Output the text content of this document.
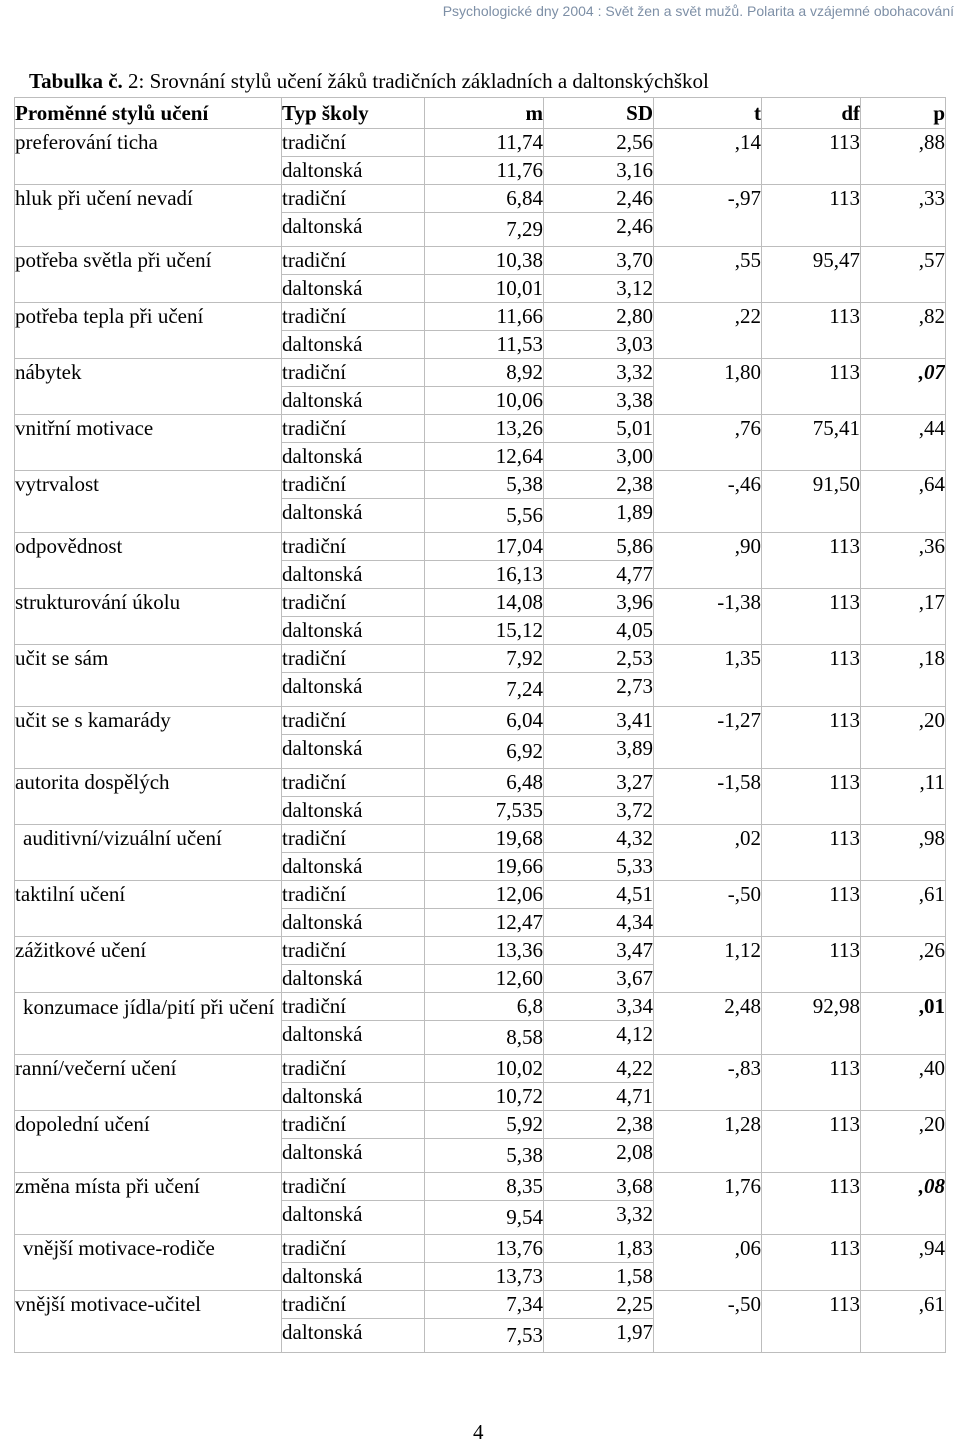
Psychologické dny 2004 : Svět žen a svět mužů. Polarita a vzájemné obohacování
Tabulka č. 2: Srovnání stylů učení žáků tradičních základních a daltonskýchškol
Proměnné stylů učení	Typ školy	m	SD	t	df	p
preferování ticha	tradiční	11,74	2,56	,14	113	,88
	daltonská	11,76	3,16			
hluk při učení nevadí	tradiční	6,84	2,46	-,97	113	,33
	daltonská	7,29	2,46			
potřeba světla při učení	tradiční	10,38	3,70	,55	95,47	,57
	daltonská	10,01	3,12			
potřeba tepla při učení	tradiční	11,66	2,80	,22	113	,82
	daltonská	11,53	3,03			
nábytek	tradiční	8,92	3,32	1,80	113	,07
	daltonská	10,06	3,38			
vnitřní motivace	tradiční	13,26	5,01	,76	75,41	,44
	daltonská	12,64	3,00			
vytrvalost	tradiční	5,38	2,38	-,46	91,50	,64
	daltonská	5,56	1,89			
odpovědnost	tradiční	17,04	5,86	,90	113	,36
	daltonská	16,13	4,77			
strukturování úkolu	tradiční	14,08	3,96	-1,38	113	,17
	daltonská	15,12	4,05			
učit se sám	tradiční	7,92	2,53	1,35	113	,18
	daltonská	7,24	2,73			
učit se s kamarády	tradiční	6,04	3,41	-1,27	113	,20
	daltonská	6,92	3,89			
autorita dospělých	tradiční	6,48	3,27	-1,58	113	,11
	daltonská	7,535	3,72			
auditivní/vizuální učení	tradiční	19,68	4,32	,02	113	,98
	daltonská	19,66	5,33			
taktilní učení	tradiční	12,06	4,51	-,50	113	,61
	daltonská	12,47	4,34			
zážitkové učení	tradiční	13,36	3,47	1,12	113	,26
	daltonská	12,60	3,67			
konzumace jídla/pití při učení	tradiční	6,8	3,34	2,48	92,98	,01
	daltonská	8,58	4,12			
ranní/večerní učení	tradiční	10,02	4,22	-,83	113	,40
	daltonská	10,72	4,71			
dopolední učení	tradiční	5,92	2,38	1,28	113	,20
	daltonská	5,38	2,08			
změna místa při učení	tradiční	8,35	3,68	1,76	113	,08
	daltonská	9,54	3,32			
vnější motivace-rodiče	tradiční	13,76	1,83	,06	113	,94
	daltonská	13,73	1,58			
vnější motivace-učitel	tradiční	7,34	2,25	-,50	113	,61
	daltonská	7,53	1,97			
4
